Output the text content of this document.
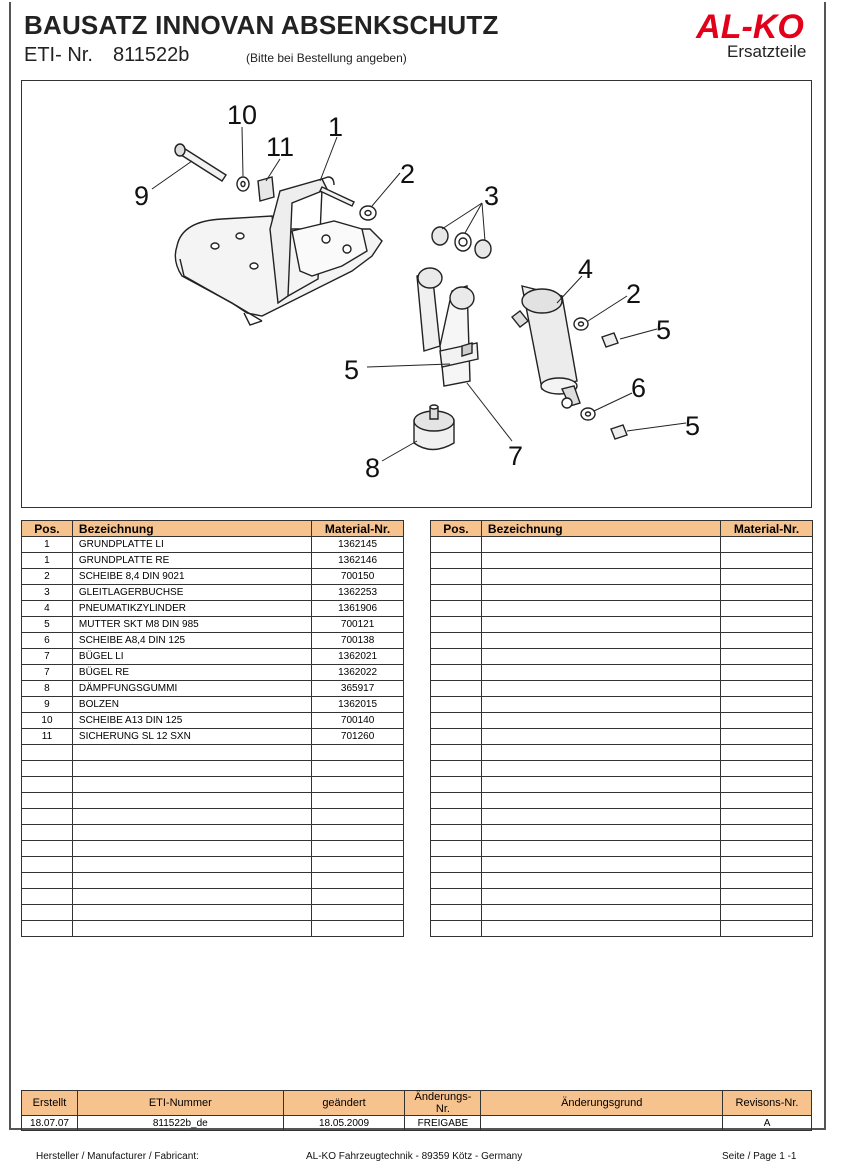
BAUSATZ INNOVAN ABSENKSCHUTZ
ETI- Nr. 811522b	(Bitte bei Bestellung angeben)
AL-KO
Ersatzteile
10	1
11
2
9	3
4
2
5
5
6
5
7
8
Pos.	Bezeichnung	Material-Nr.
1	GRUNDPLATTE LI	1362145
1	GRUNDPLATTE RE	1362146
2	SCHEIBE 8,4 DIN 9021	700150
3	GLEITLAGERBUCHSE	1362253
4	PNEUMATIKZYLINDER	1361906
5	MUTTER SKT M8 DIN 985	700121
6	SCHEIBE A8,4 DIN 125	700138
7	BÜGEL LI	1362021
7	BÜGEL RE	1362022
8	DÄMPFUNGSGUMMI	365917
9	BOLZEN	1362015
10	SCHEIBE A13 DIN 125	700140
11	SICHERUNG SL 12 SXN	701260

Pos.	Bezeichnung	Material-Nr.

Erstellt	ETI-Nummer	geändert	Änderungs-Nr.	Änderungsgrund	Revisons-Nr.
18.07.07	811522b_de	18.05.2009	FREIGABE		A
Hersteller / Manufacturer / Fabricant:	AL-KO Fahrzeugtechnik - 89359 Kötz - Germany	Seite / Page 1 -1
